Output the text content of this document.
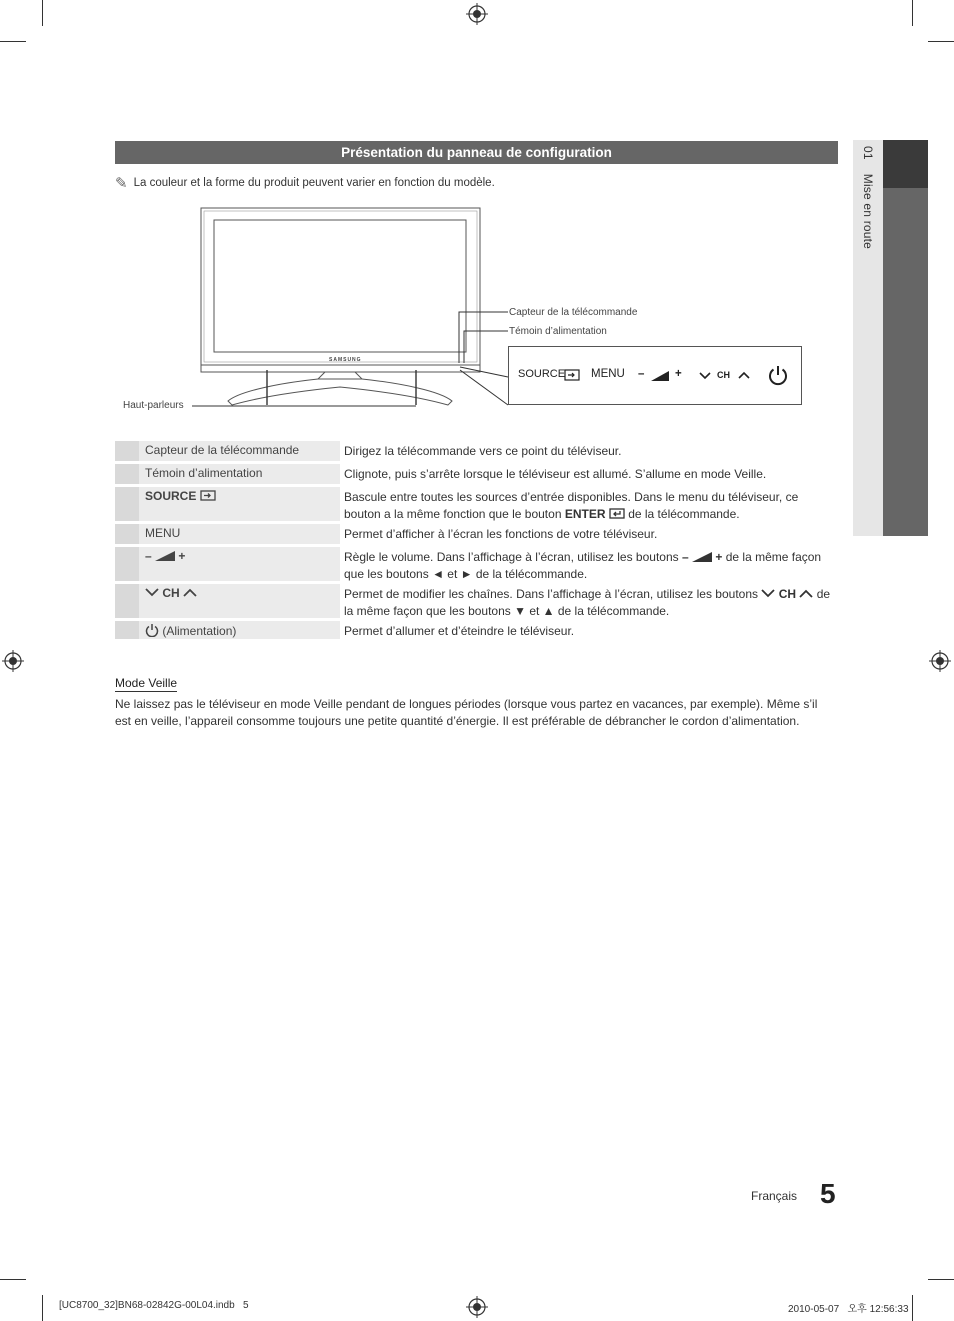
Présentation du panneau de configuration
✎ La couleur et la forme du produit peuvent varier en fonction du modèle.
01Mise en route
SAMSUNG
Capteur de la télécommande
Témoin d’alimentation
Haut-parleurs
SOURCE MENU –	+	CH
Capteur de la télécommande	Dirigez la télécommande vers ce point du téléviseur.
Témoin d’alimentation	Clignote, puis s’arrête lorsque le téléviseur est allumé. S’allume en mode Veille.
SOURCE	Bascule entre toutes les sources d’entrée disponibles. Dans le menu du téléviseur, ce bouton a la même fonction que le bouton ENTER de la télécommande.
MENU	Permet d’afficher à l’écran les fonctions de votre téléviseur.
– +	Règle le volume. Dans l’affichage à l’écran, utilisez les boutons – + de la même façon que les boutons ◄ et ► de la télécommande.
CH	Permet de modifier les chaînes. Dans l’affichage à l’écran, utilisez les boutons CH de la même façon que les boutons ▼ et ▲ de la télécommande.
(Alimentation)	Permet d’allumer et d’éteindre le téléviseur.
Mode Veille
Ne laissez pas le téléviseur en mode Veille pendant de longues périodes (lorsque vous partez en vacances, par exemple). Même s’il est en veille, l’appareil consomme toujours une petite quantité d’énergie. Il est préférable de débrancher le cordon d’alimentation.
Français 5
[UC8700_32]BN68-02842G-00L04.indb   5	2010-05-07   오후 12:56:33
